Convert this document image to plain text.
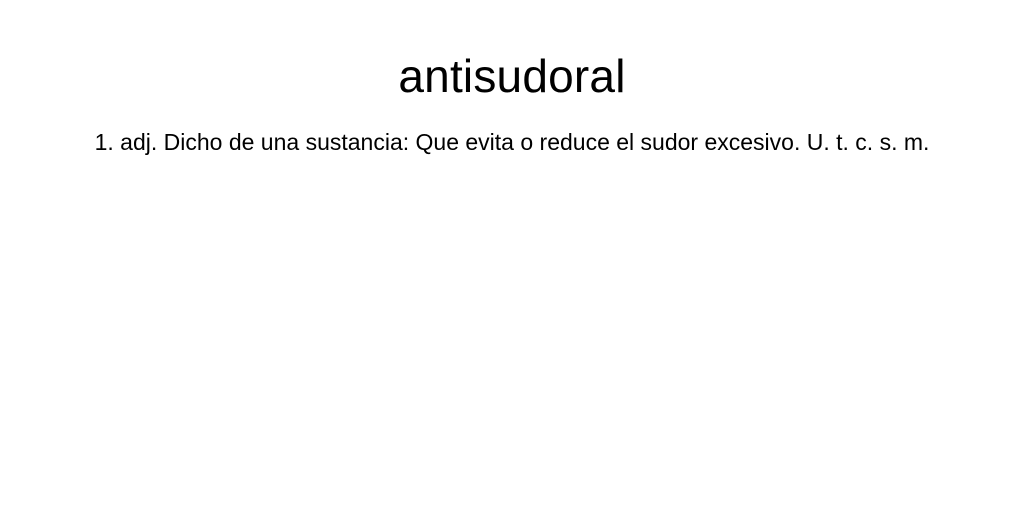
antisudoral

1. adj. Dicho de una sustancia: Que evita o reduce el sudor excesivo. U. t. c. s. m.
